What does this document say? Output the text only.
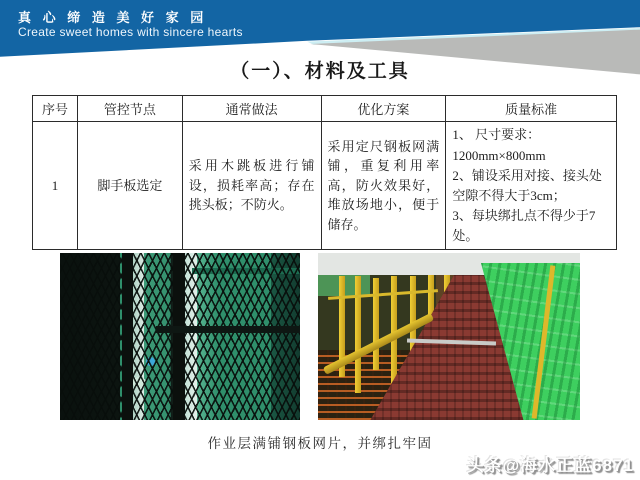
真 心 缔 造 美 好 家 园
Create sweet homes with sincere hearts
（一）、材料及工具
序号	管控节点	通常做法	优化方案	质量标准
1	脚手板选定	采用木跳板进行铺设，损耗率高；存在挑头板；不防火。	采用定尺钢板网满铺，重复利用率高，防火效果好，堆放场地小，便于储存。	1、 尺寸要求：
1200mm×800mm
2、铺设采用对接、接头处空隙不得大于3cm；
3、每块绑扎点不得少于7处。
作业层满铺钢板网片，并绑扎牢固
头条@海水正蓝6871
